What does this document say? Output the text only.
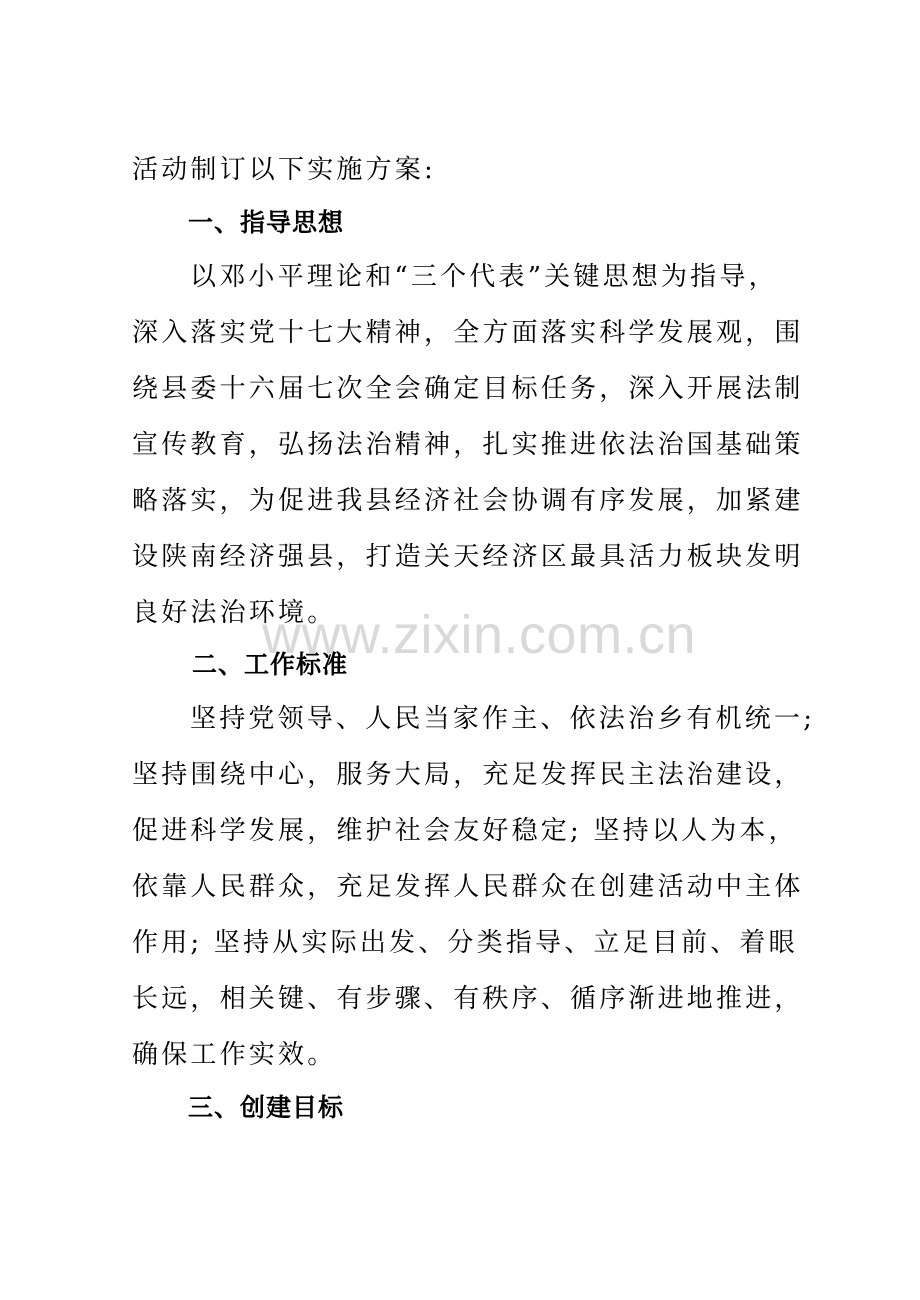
www.zixin.com.cn
活动制订以下实施方案:
一、指导思想
以邓小平理论和“三个代表”关键思想为指导，
深入落实党十七大精神，全方面落实科学发展观，围
绕县委十六届七次全会确定目标任务，深入开展法制
宣传教育，弘扬法治精神，扎实推进依法治国基础策
略落实，为促进我县经济社会协调有序发展，加紧建
设陕南经济强县，打造关天经济区最具活力板块发明
良好法治环境。
二、工作标准
坚持党领导、人民当家作主、依法治乡有机统一;
坚持围绕中心，服务大局，充足发挥民主法治建设，
促进科学发展，维护社会友好稳定; 坚持以人为本，
依靠人民群众，充足发挥人民群众在创建活动中主体
作用; 坚持从实际出发、分类指导、立足目前、着眼
长远，相关键、有步骤、有秩序、循序渐进地推进，
确保工作实效。
三、创建目标
